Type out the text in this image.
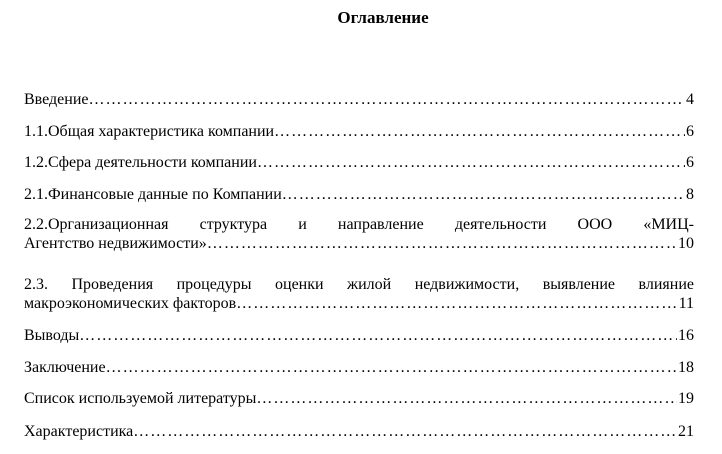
Оглавление
Введение …………………………………………………………………………………………………………………………………………	4
1.1.Общая характеристика компании …………………………………………………………………………………………………………………………………………	6
1.2.Сфера деятельности компании …………………………………………………………………………………………………………………………………………	6
2.1.Финансовые данные по Компании …………………………………………………………………………………………………………………………………………	8
2.2.Организационная структура и направление деятельности ООО «МИЦ-
Агентство недвижимости» …………………………………………………………………………………………………………………………………………	10
2.3. Проведения процедуры оценки жилой недвижимости, выявление влияние
макроэкономических факторов …………………………………………………………………………………………………………………………………………	11
Выводы …………………………………………………………………………………………………………………………………………	16
Заключение …………………………………………………………………………………………………………………………………………	18
Список используемой литературы …………………………………………………………………………………………………………………………………………	19
Характеристика …………………………………………………………………………………………………………………………………………	21
